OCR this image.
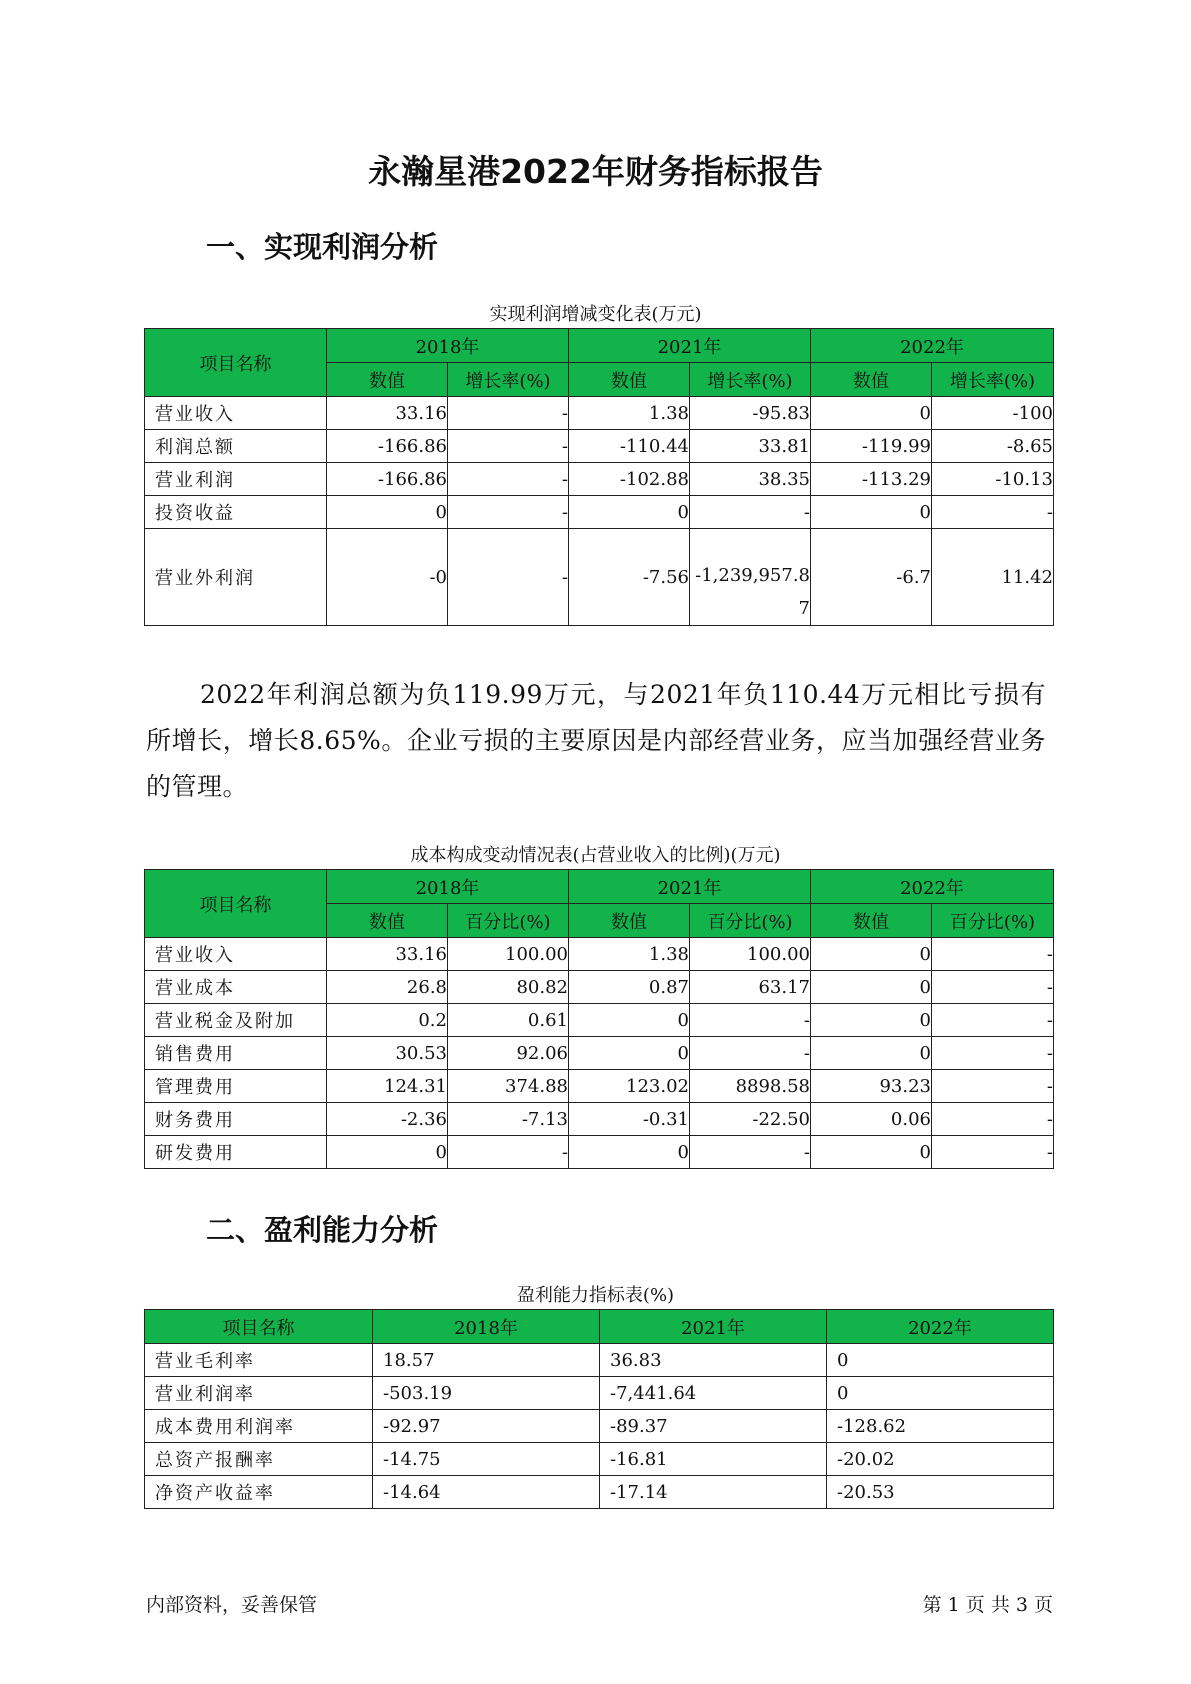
永瀚星港2022年财务指标报告
一、实现利润分析
实现利润增减变化表(万元)
项目名称	2018年		2021年		2022年	
	数值	增长率(%)	数值	增长率(%)	数值	增长率(%)
营业收入	33.16	-	1.38	-95.83	0	-100
利润总额	-166.86	-	-110.44	33.81	-119.99	-8.65
营业利润	-166.86	-	-102.88	38.35	-113.29	-10.13
投资收益	0	-	0	-	0	-
营业外利润	-0	-	-7.56	-1,239,957.87	-6.7	11.42
2022年利润总额为负119.99万元，与2021年负110.44万元相比亏损有所增长，增长8.65%。企业亏损的主要原因是内部经营业务，应当加强经营业务的管理。
成本构成变动情况表(占营业收入的比例)(万元)
项目名称	2018年		2021年		2022年	
	数值	百分比(%)	数值	百分比(%)	数值	百分比(%)
营业收入	33.16	100.00	1.38	100.00	0	-
营业成本	26.8	80.82	0.87	63.17	0	-
营业税金及附加	0.2	0.61	0	-	0	-
销售费用	30.53	92.06	0	-	0	-
管理费用	124.31	374.88	123.02	8898.58	93.23	-
财务费用	-2.36	-7.13	-0.31	-22.50	0.06	-
研发费用	0	-	0	-	0	-
二、盈利能力分析
盈利能力指标表(%)
项目名称	2018年	2021年	2022年
营业毛利率	18.57	36.83	0
营业利润率	-503.19	-7,441.64	0
成本费用利润率	-92.97	-89.37	-128.62
总资产报酬率	-14.75	-16.81	-20.02
净资产收益率	-14.64	-17.14	-20.53
内部资料，妥善保管	第 1 页 共 3 页
